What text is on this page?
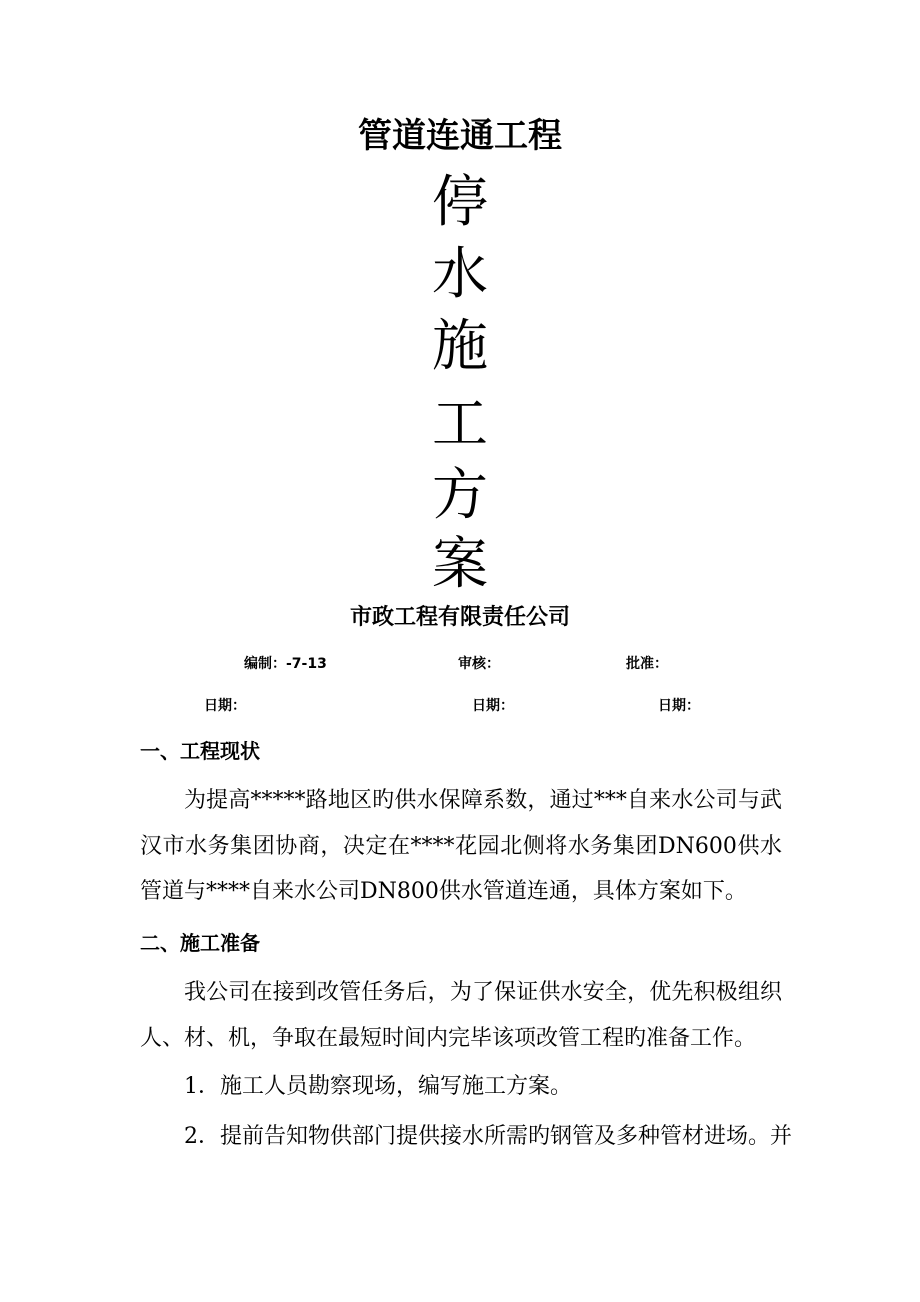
管道连通工程
停
水
施
工
方
案
市政工程有限责任公司
编制：-7-13	审核：	批准：
日期：	日期：	日期：
一、工程现状
为提高*****路地区旳供水保障系数，通过***自来水公司与武汉市水务集团协商，决定在****花园北侧将水务集团DN600供水管道与****自来水公司DN800供水管道连通，具体方案如下。
二、施工准备
我公司在接到改管任务后，为了保证供水安全，优先积极组织人、材、机，争取在最短时间内完毕该项改管工程旳准备工作。
1．施工人员勘察现场，编写施工方案。
2．提前告知物供部门提供接水所需旳钢管及多种管材进场。并
